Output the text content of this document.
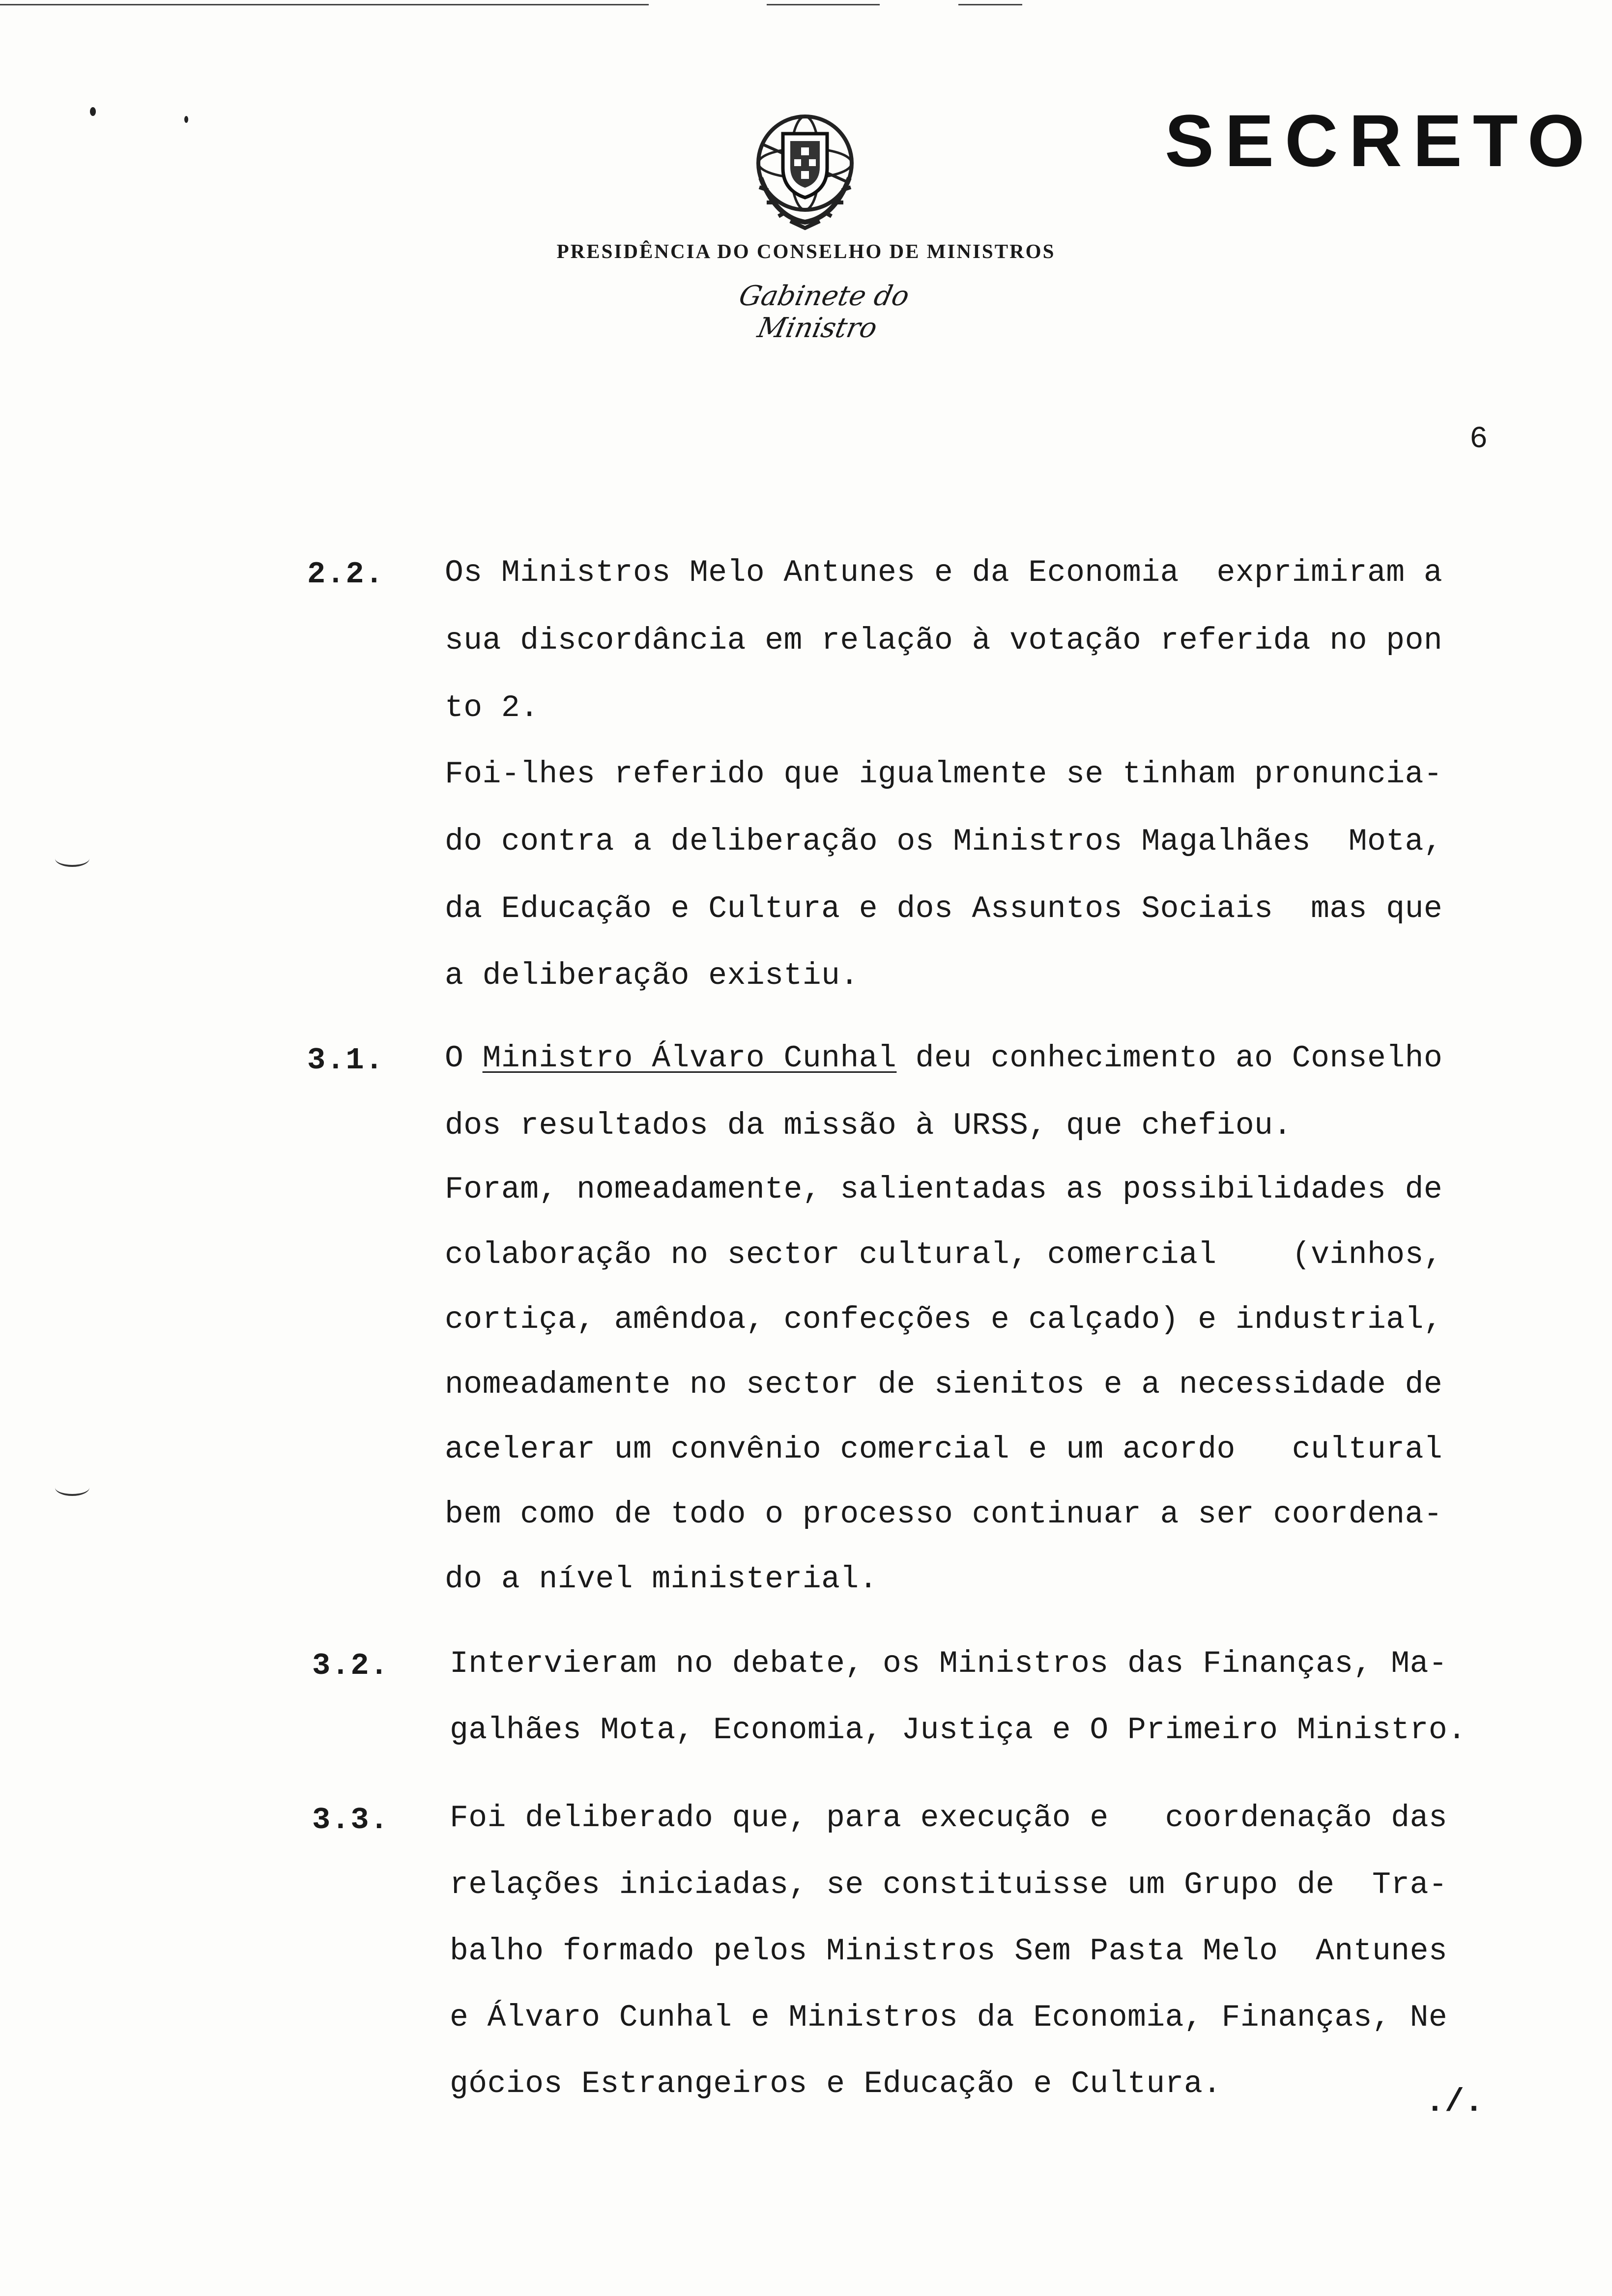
SECRETO
PRESIDÊNCIA DO CONSELHO DE MINISTROS
Gabinete do Ministro
6
2.2. Os Ministros Melo Antunes e da Economia  exprimiram a
sua discordância em relação à votação referida no pon
to 2.
Foi-lhes referido que igualmente se tinham pronuncia-
do contra a deliberação os Ministros Magalhães  Mota,
da Educação e Cultura e dos Assuntos Sociais  mas que
a deliberação existiu.
3.1. O Ministro Álvaro Cunhal deu conhecimento ao Conselho
dos resultados da missão à URSS, que chefiou.
Foram, nomeadamente, salientadas as possibilidades de
colaboração no sector cultural, comercial    (vinhos,
cortiça, amêndoa, confecções e calçado) e industrial,
nomeadamente no sector de sienitos e a necessidade de
acelerar um convênio comercial e um acordo   cultural
bem como de todo o processo continuar a ser coordena-
do a nível ministerial.
3.2. Intervieram no debate, os Ministros das Finanças, Ma-
galhães Mota, Economia, Justiça e O Primeiro Ministro.
3.3. Foi deliberado que, para execução e   coordenação das
relações iniciadas, se constituisse um Grupo de  Tra-
balho formado pelos Ministros Sem Pasta Melo  Antunes
e Álvaro Cunhal e Ministros da Economia, Finanças, Ne
gócios Estrangeiros e Educação e Cultura.	./.
